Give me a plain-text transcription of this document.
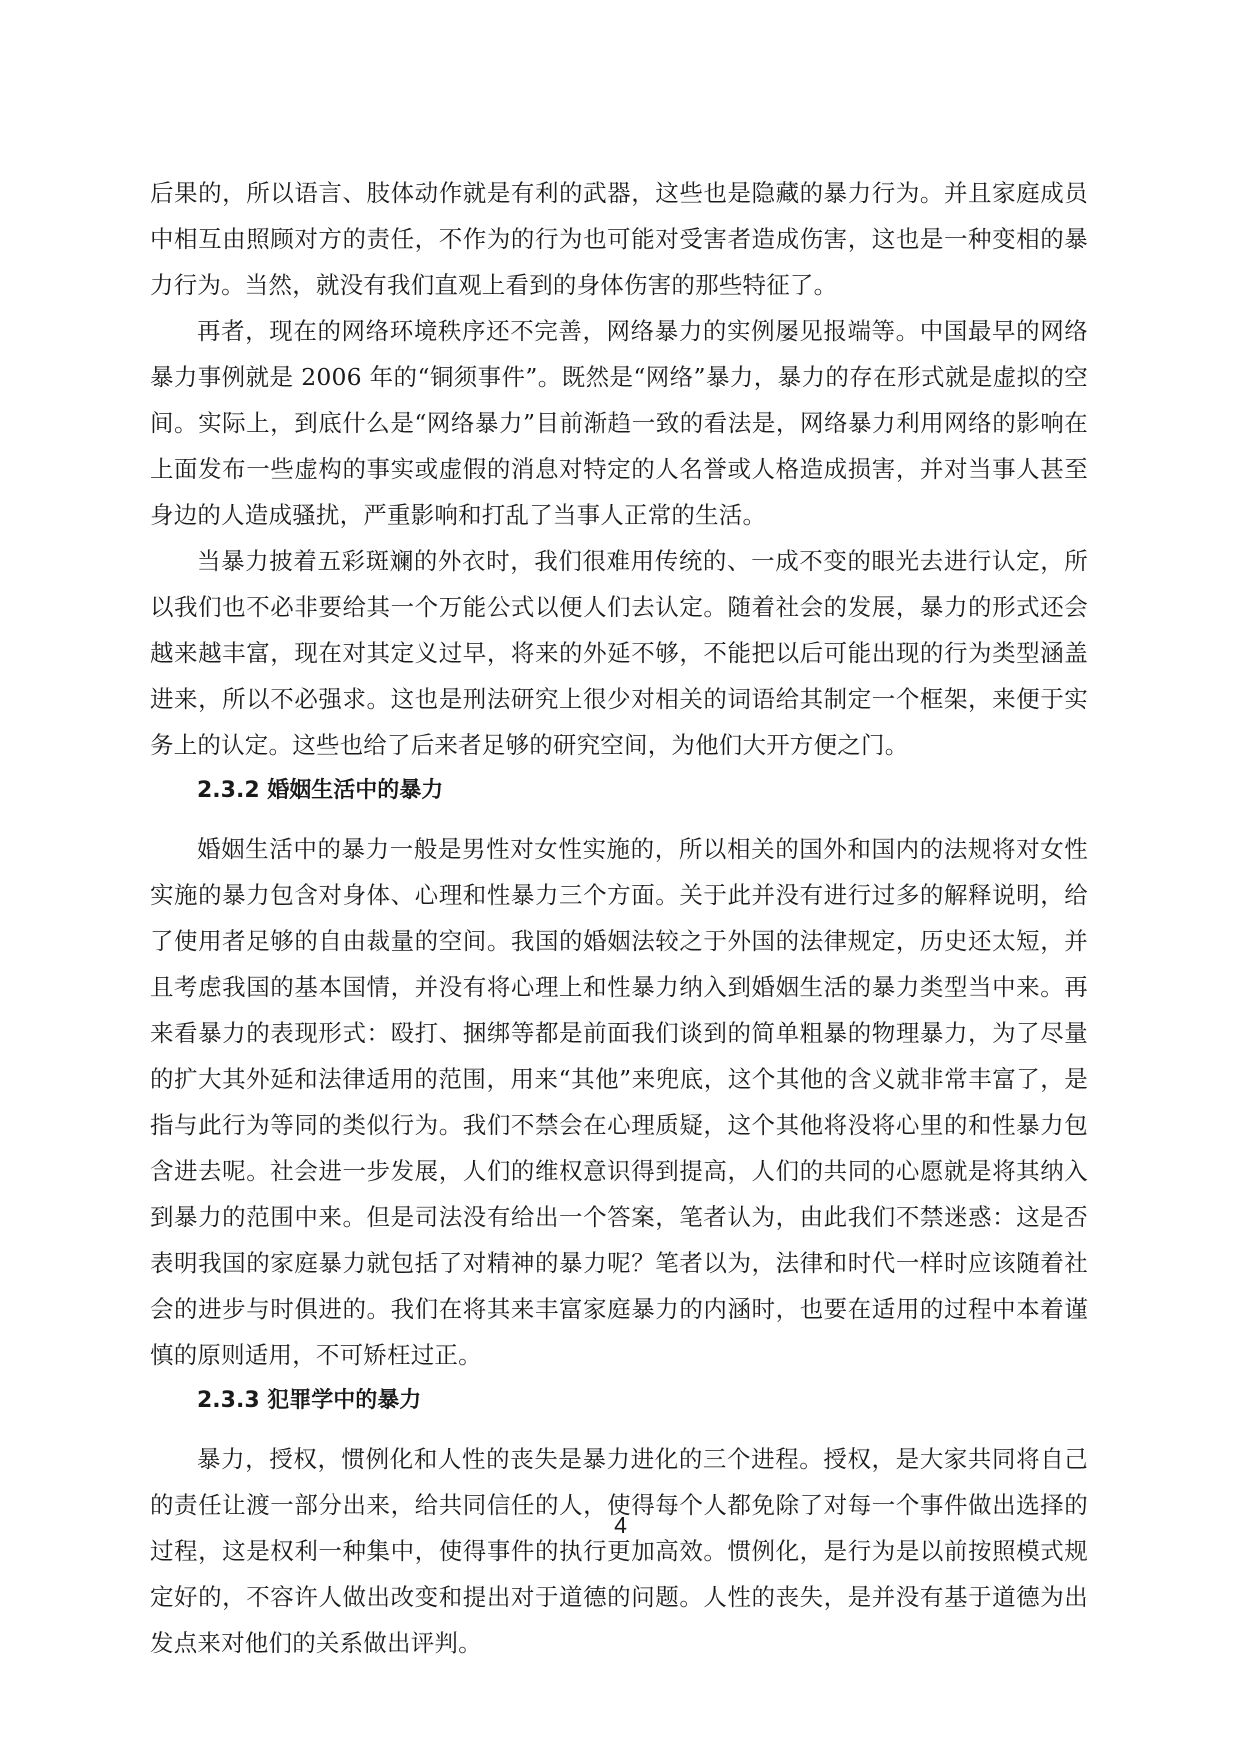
后果的，所以语言、肢体动作就是有利的武器，这些也是隐藏的暴力行为。并且家庭成员中相互由照顾对方的责任，不作为的行为也可能对受害者造成伤害，这也是一种变相的暴力行为。当然，就没有我们直观上看到的身体伤害的那些特征了。

再者，现在的网络环境秩序还不完善，网络暴力的实例屡见报端等。中国最早的网络暴力事例就是 2006 年的“铜须事件”。既然是“网络”暴力，暴力的存在形式就是虚拟的空间。实际上，到底什么是“网络暴力”目前渐趋一致的看法是，网络暴力利用网络的影响在上面发布一些虚构的事实或虚假的消息对特定的人名誉或人格造成损害，并对当事人甚至身边的人造成骚扰，严重影响和打乱了当事人正常的生活。

当暴力披着五彩斑斓的外衣时，我们很难用传统的、一成不变的眼光去进行认定，所以我们也不必非要给其一个万能公式以便人们去认定。随着社会的发展，暴力的形式还会越来越丰富，现在对其定义过早，将来的外延不够，不能把以后可能出现的行为类型涵盖进来，所以不必强求。这也是刑法研究上很少对相关的词语给其制定一个框架，来便于实务上的认定。这些也给了后来者足够的研究空间，为他们大开方便之门。

2.3.2 婚姻生活中的暴力

婚姻生活中的暴力一般是男性对女性实施的，所以相关的国外和国内的法规将对女性实施的暴力包含对身体、心理和性暴力三个方面。关于此并没有进行过多的解释说明，给了使用者足够的自由裁量的空间。我国的婚姻法较之于外国的法律规定，历史还太短，并且考虑我国的基本国情，并没有将心理上和性暴力纳入到婚姻生活的暴力类型当中来。再来看暴力的表现形式：殴打、捆绑等都是前面我们谈到的简单粗暴的物理暴力，为了尽量的扩大其外延和法律适用的范围，用来“其他”来兜底，这个其他的含义就非常丰富了，是指与此行为等同的类似行为。我们不禁会在心理质疑，这个其他将没将心里的和性暴力包含进去呢。社会进一步发展，人们的维权意识得到提高，人们的共同的心愿就是将其纳入到暴力的范围中来。但是司法没有给出一个答案，笔者认为，由此我们不禁迷惑：这是否表明我国的家庭暴力就包括了对精神的暴力呢？笔者以为，法律和时代一样时应该随着社会的进步与时俱进的。我们在将其来丰富家庭暴力的内涵时，也要在适用的过程中本着谨慎的原则适用，不可矫枉过正。

2.3.3 犯罪学中的暴力

暴力，授权，惯例化和人性的丧失是暴力进化的三个进程。授权，是大家共同将自己的责任让渡一部分出来，给共同信任的人，使得每个人都免除了对每一个事件做出选择的过程，这是权利一种集中，使得事件的执行更加高效。惯例化，是行为是以前按照模式规定好的，不容许人做出改变和提出对于道德的问题。人性的丧失，是并没有基于道德为出发点来对他们的关系做出评判。

4
